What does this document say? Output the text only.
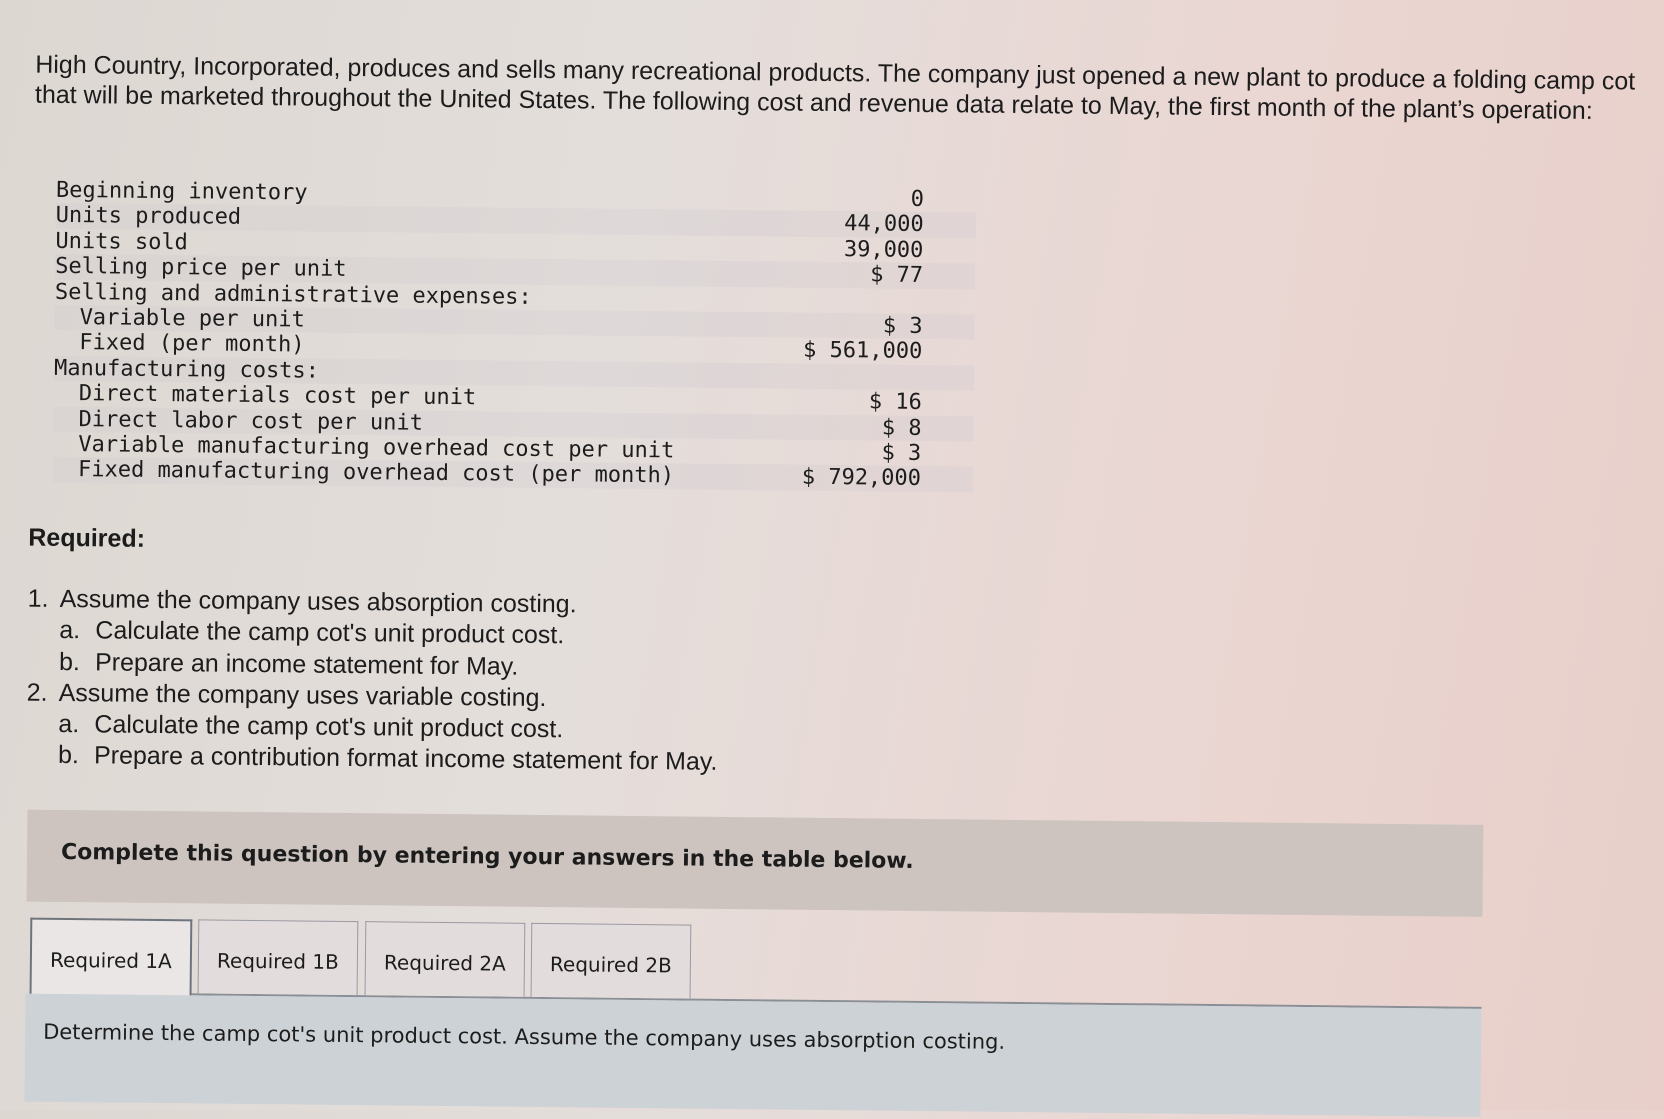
High Country, Incorporated, produces and sells many recreational products. The company just opened a new plant to produce a folding camp cot that will be marketed throughout the United States. The following cost and revenue data relate to May, the first month of the plant’s operation:

Beginning inventory	0
Units produced	44,000
Units sold	39,000
Selling price per unit	$ 77
Selling and administrative expenses:
Variable per unit	$ 3
Fixed (per month)	$ 561,000
Manufacturing costs:
Direct materials cost per unit	$ 16
Direct labor cost per unit	$ 8
Variable manufacturing overhead cost per unit	$ 3
Fixed manufacturing overhead cost (per month)	$ 792,000
Required:
1. Assume the company uses absorption costing.
a. Calculate the camp cot's unit product cost.
b. Prepare an income statement for May.
2. Assume the company uses variable costing.
a. Calculate the camp cot's unit product cost.
b. Prepare a contribution format income statement for May.
Complete this question by entering your answers in the table below.
Required 1A	Required 1B	Required 2A	Required 2B
Determine the camp cot's unit product cost. Assume the company uses absorption costing.
